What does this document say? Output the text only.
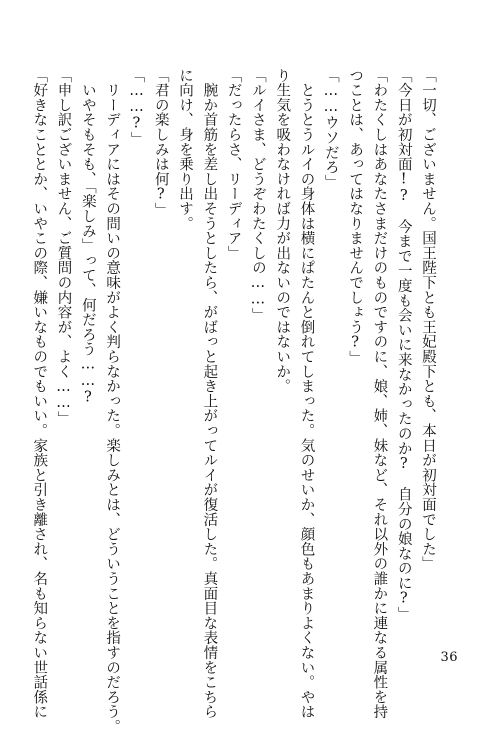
「一切、ございません。国王陛下とも王妃殿下とも、本日が初対面でした」

「今日が初対面!?　今まで一度も会いに来なかったのか?　自分の娘なのに?」

「わたくしはあなたさまだけのものですのに、娘、姉、妹など、それ以外の誰かに連なる属性を持

つことは、あってはなりませんでしょう?」

「……ウソだろ」

　とうとうルイの身体は横にぱたんと倒れてしまった。気のせいか、顔色もあまりよくない。やは

り生気を吸わなければ力が出ないのではないか。

「ルイさま、どうぞわたくしの……」

「だったらさ、リーディア」

　腕か首筋を差し出そうとしたら、がばっと起き上がってルイが復活した。真面目な表情をこちら

に向け、身を乗り出す。

「君の楽しみは何?」

「……?」

　リーディアにはその問いの意味がよく判らなかった。楽しみとは、どういうことを指すのだろう。

　いやそもそも、「楽しみ」って、何だろう……?

「申し訳ございません、ご質問の内容が、よく……」

「好きなこととか、いやこの際、嫌いなものでもいい。家族と引き離され、名も知らない世話係に	36
